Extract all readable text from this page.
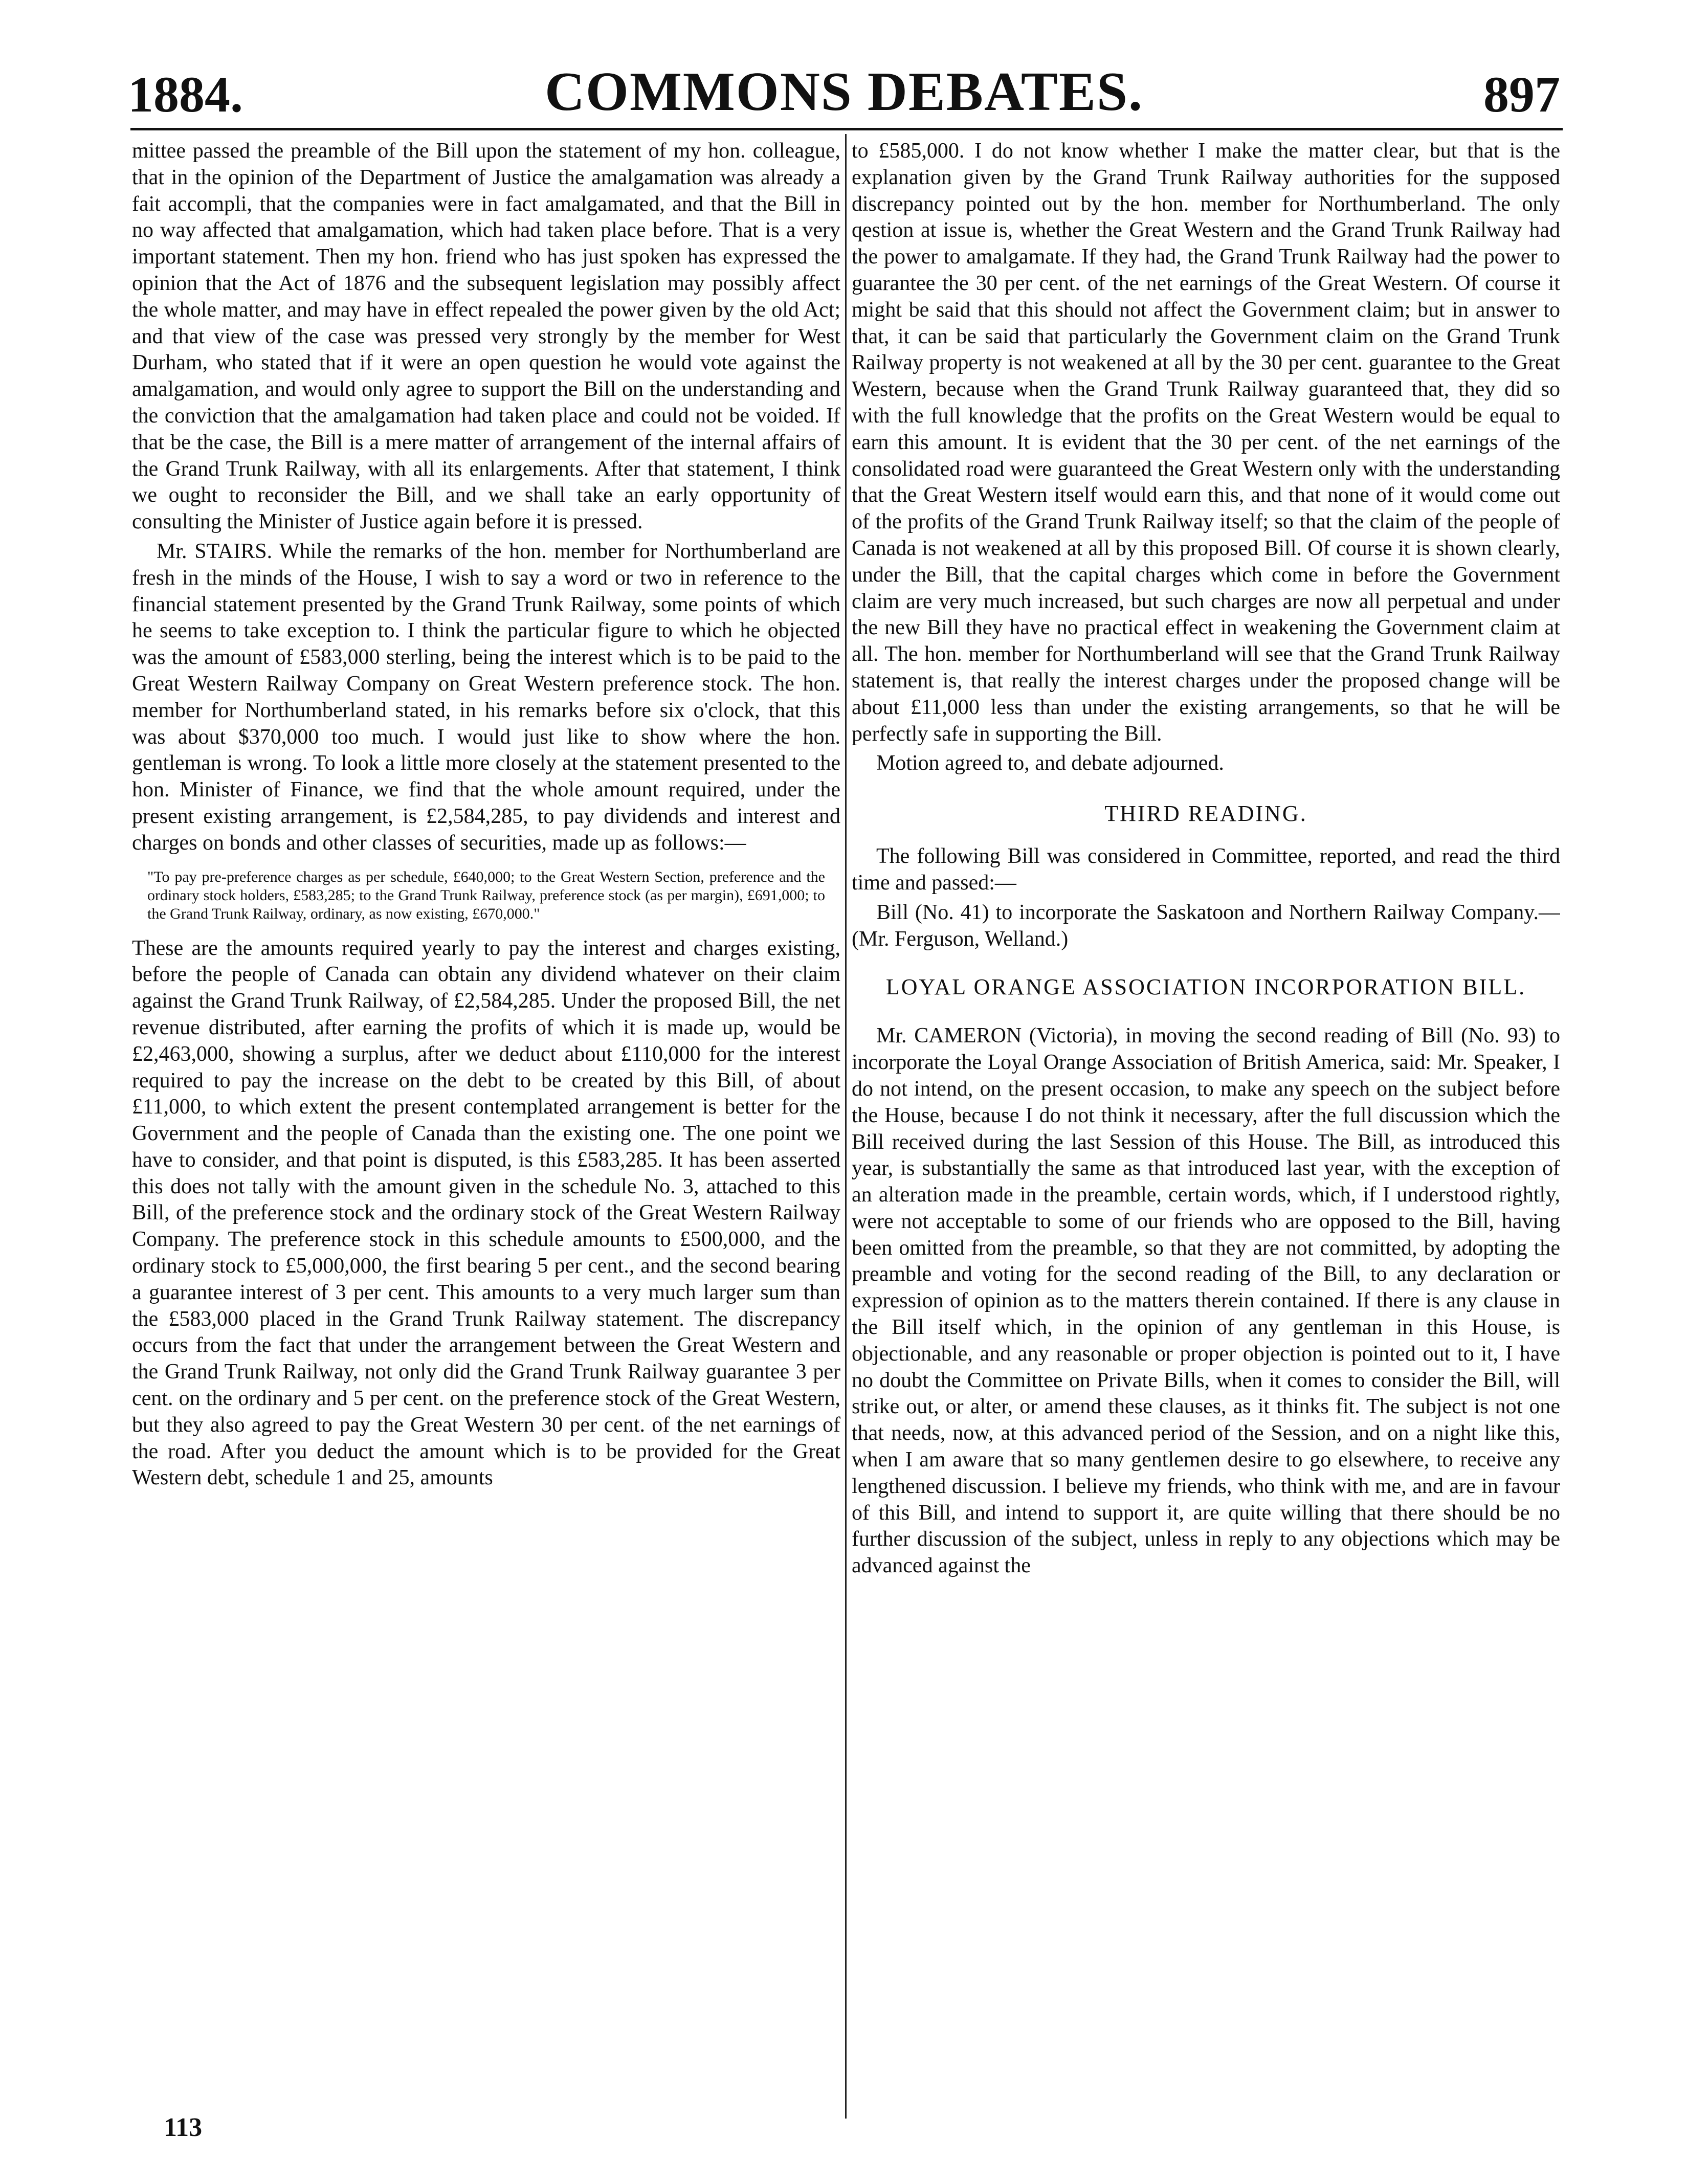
1884.	COMMONS DEBATES.	897

mittee passed the preamble of the Bill upon the statement of my hon. colleague, that in the opinion of the Department of Justice the amalgamation was already a fait accompli, that the companies were in fact amalgamated, and that the Bill in no way affected that amalgamation, which had taken place before. That is a very important statement. Then my hon. friend who has just spoken has expressed the opinion that the Act of 1876 and the subsequent legislation may possibly affect the whole matter, and may have in effect repealed the power given by the old Act; and that view of the case was pressed very strongly by the member for West Durham, who stated that if it were an open question he would vote against the amalgamation, and would only agree to support the Bill on the understanding and the conviction that the amalgamation had taken place and could not be voided. If that be the case, the Bill is a mere matter of arrangement of the internal affairs of the Grand Trunk Railway, with all its enlargements. After that statement, I think we ought to reconsider the Bill, and we shall take an early opportunity of consulting the Minister of Justice again before it is pressed.

Mr. STAIRS. While the remarks of the hon. member for Northumberland are fresh in the minds of the House, I wish to say a word or two in reference to the financial statement presented by the Grand Trunk Railway, some points of which he seems to take exception to. I think the particular figure to which he objected was the amount of £583,000 sterling, being the interest which is to be paid to the Great Western Railway Company on Great Western preference stock. The hon. member for Northumberland stated, in his remarks before six o'clock, that this was about $370,000 too much. I would just like to show where the hon. gentleman is wrong. To look a little more closely at the statement presented to the hon. Minister of Finance, we find that the whole amount required, under the present existing arrangement, is £2,584,285, to pay dividends and interest and charges on bonds and other classes of securities, made up as follows:—

"To pay pre-preference charges as per schedule, £640,000; to the Great Western Section, preference and the ordinary stock holders, £583,285; to the Grand Trunk Railway, preference stock (as per margin), £691,000; to the Grand Trunk Railway, ordinary, as now existing, £670,000."

These are the amounts required yearly to pay the interest and charges existing, before the people of Canada can obtain any dividend whatever on their claim against the Grand Trunk Railway, of £2,584,285. Under the proposed Bill, the net revenue distributed, after earning the profits of which it is made up, would be £2,463,000, showing a surplus, after we deduct about £110,000 for the interest required to pay the increase on the debt to be created by this Bill, of about £11,000, to which extent the present contemplated arrangement is better for the Government and the people of Canada than the existing one. The one point we have to consider, and that point is disputed, is this £583,285. It has been asserted this does not tally with the amount given in the schedule No. 3, attached to this Bill, of the preference stock and the ordinary stock of the Great Western Railway Company. The preference stock in this schedule amounts to £500,000, and the ordinary stock to £5,000,000, the first bearing 5 per cent., and the second bearing a guarantee interest of 3 per cent. This amounts to a very much larger sum than the £583,000 placed in the Grand Trunk Railway statement. The discrepancy occurs from the fact that under the arrangement between the Great Western and the Grand Trunk Railway, not only did the Grand Trunk Railway guarantee 3 per cent. on the ordinary and 5 per cent. on the preference stock of the Great Western, but they also agreed to pay the Great Western 30 per cent. of the net earnings of the road. After you deduct the amount which is to be provided for the Great Western debt, schedule 1 and 25, amounts

to £585,000. I do not know whether I make the matter clear, but that is the explanation given by the Grand Trunk Railway authorities for the supposed discrepancy pointed out by the hon. member for Northumberland. The only qestion at issue is, whether the Great Western and the Grand Trunk Railway had the power to amalgamate. If they had, the Grand Trunk Railway had the power to guarantee the 30 per cent. of the net earnings of the Great Western. Of course it might be said that this should not affect the Government claim; but in answer to that, it can be said that particularly the Government claim on the Grand Trunk Railway property is not weakened at all by the 30 per cent. guarantee to the Great Western, because when the Grand Trunk Railway guaranteed that, they did so with the full knowledge that the profits on the Great Western would be equal to earn this amount. It is evident that the 30 per cent. of the net earnings of the consolidated road were guaranteed the Great Western only with the understanding that the Great Western itself would earn this, and that none of it would come out of the profits of the Grand Trunk Railway itself; so that the claim of the people of Canada is not weakened at all by this proposed Bill. Of course it is shown clearly, under the Bill, that the capital charges which come in before the Government claim are very much increased, but such charges are now all perpetual and under the new Bill they have no practical effect in weakening the Government claim at all. The hon. member for Northumberland will see that the Grand Trunk Railway statement is, that really the interest charges under the proposed change will be about £11,000 less than under the existing arrangements, so that he will be perfectly safe in supporting the Bill.

Motion agreed to, and debate adjourned.

THIRD READING.

The following Bill was considered in Committee, reported, and read the third time and passed:—

Bill (No. 41) to incorporate the Saskatoon and Northern Railway Company.—(Mr. Ferguson, Welland.)

LOYAL ORANGE ASSOCIATION INCORPORATION BILL.

Mr. CAMERON (Victoria), in moving the second reading of Bill (No. 93) to incorporate the Loyal Orange Association of British America, said: Mr. Speaker, I do not intend, on the present occasion, to make any speech on the subject before the House, because I do not think it necessary, after the full discussion which the Bill received during the last Session of this House. The Bill, as introduced this year, is substantially the same as that introduced last year, with the exception of an alteration made in the preamble, certain words, which, if I understood rightly, were not acceptable to some of our friends who are opposed to the Bill, having been omitted from the preamble, so that they are not committed, by adopting the preamble and voting for the second reading of the Bill, to any declaration or expression of opinion as to the matters therein contained. If there is any clause in the Bill itself which, in the opinion of any gentleman in this House, is objectionable, and any reasonable or proper objection is pointed out to it, I have no doubt the Committee on Private Bills, when it comes to consider the Bill, will strike out, or alter, or amend these clauses, as it thinks fit. The subject is not one that needs, now, at this advanced period of the Session, and on a night like this, when I am aware that so many gentlemen desire to go elsewhere, to receive any lengthened discussion. I believe my friends, who think with me, and are in favour of this Bill, and intend to support it, are quite willing that there should be no further discussion of the subject, unless in reply to any objections which may be advanced against the

113
